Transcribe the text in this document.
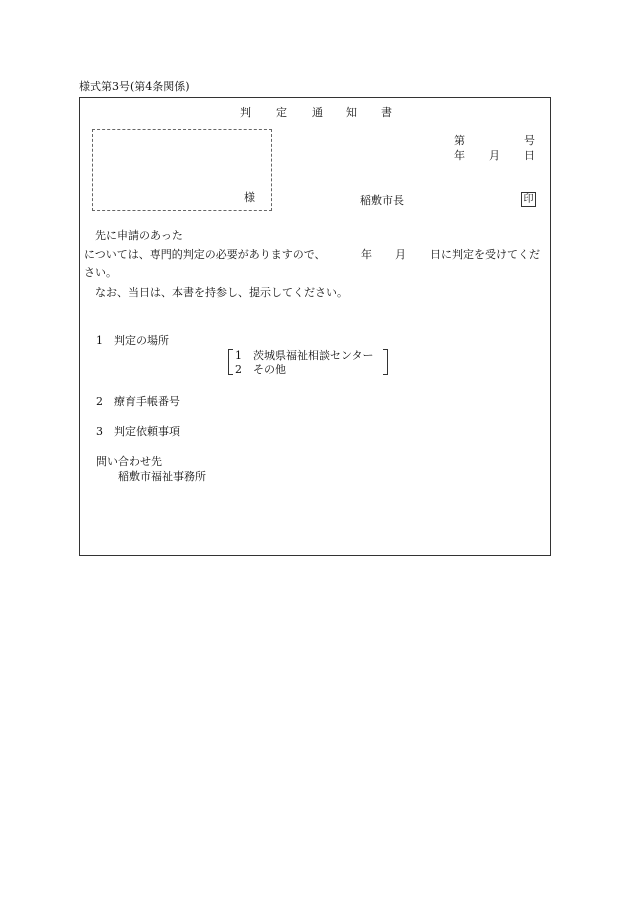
様式第3号(第4条関係)
判 定 通 知 書
様
第	号
年 月 日
稲敷市長	印
先に申請のあった
については、専門的判定の必要がありますので、	年 月 日に判定を受けてくだ
さい。
なお、当日は、本書を持参し、提示してください。
1　判定の場所
1　茨城県福祉相談センター
2　その他
2　療育手帳番号
3　判定依頼事項
問い合わせ先
稲敷市福祉事務所
